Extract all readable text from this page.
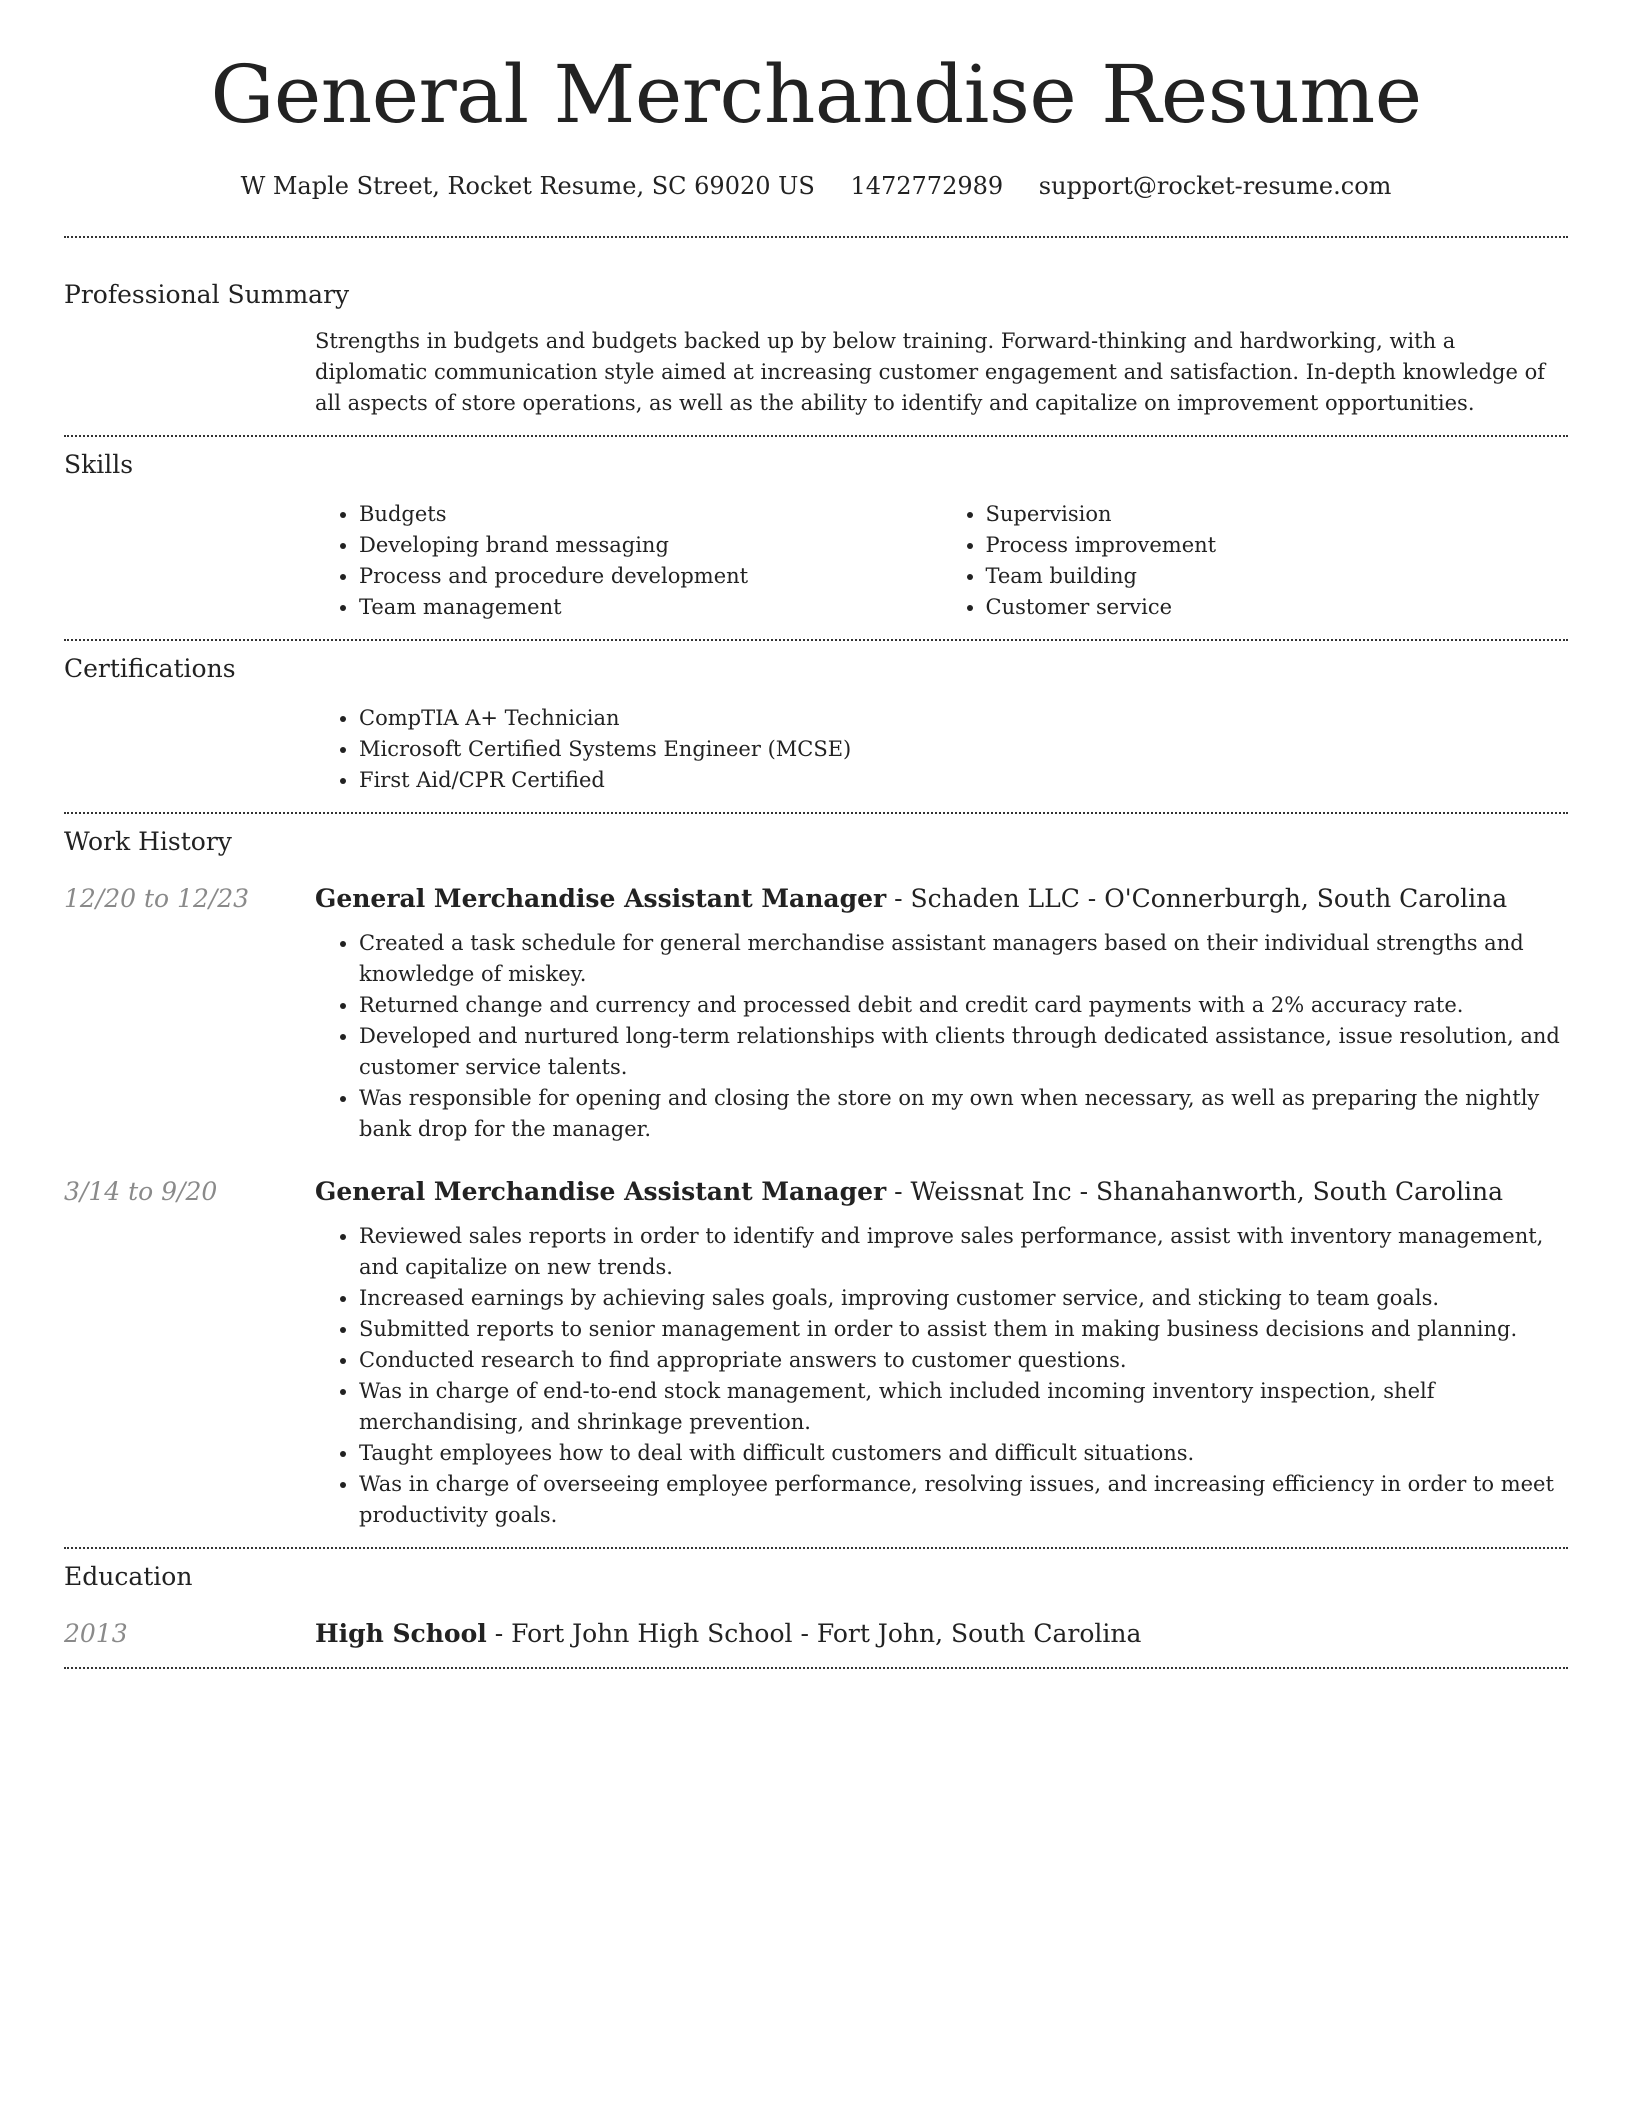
General Merchandise Resume
W Maple Street, Rocket Resume, SC 69020 US 1472772989 support@rocket-resume.com
Professional Summary

Strengths in budgets and budgets backed up by below training. Forward-thinking and hardworking, with a diplomatic communication style aimed at increasing customer engagement and satisfaction. In-depth knowledge of all aspects of store operations, as well as the ability to identify and capitalize on improvement opportunities.

Skills
• Budgets
• Developing brand messaging
• Process and procedure development
• Team management
• Supervision
• Process improvement
• Team building
• Customer service
Certifications
• CompTIA A+ Technician
• Microsoft Certified Systems Engineer (MCSE)
• First Aid/CPR Certified
Work History
12/20 to 12/23	General Merchandise Assistant Manager - Schaden LLC - O'Connerburgh, South Carolina
• Created a task schedule for general merchandise assistant managers based on their individual strengths and knowledge of miskey.
• Returned change and currency and processed debit and credit card payments with a 2% accuracy rate.
• Developed and nurtured long-term relationships with clients through dedicated assistance, issue resolution, and customer service talents.
• Was responsible for opening and closing the store on my own when necessary, as well as preparing the nightly bank drop for the manager.
3/14 to 9/20	General Merchandise Assistant Manager - Weissnat Inc - Shanahanworth, South Carolina
• Reviewed sales reports in order to identify and improve sales performance, assist with inventory management, and capitalize on new trends.
• Increased earnings by achieving sales goals, improving customer service, and sticking to team goals.
• Submitted reports to senior management in order to assist them in making business decisions and planning.
• Conducted research to find appropriate answers to customer questions.
• Was in charge of end-to-end stock management, which included incoming inventory inspection, shelf merchandising, and shrinkage prevention.
• Taught employees how to deal with difficult customers and difficult situations.
• Was in charge of overseeing employee performance, resolving issues, and increasing efficiency in order to meet productivity goals.
Education
2013	High School - Fort John High School - Fort John, South Carolina
